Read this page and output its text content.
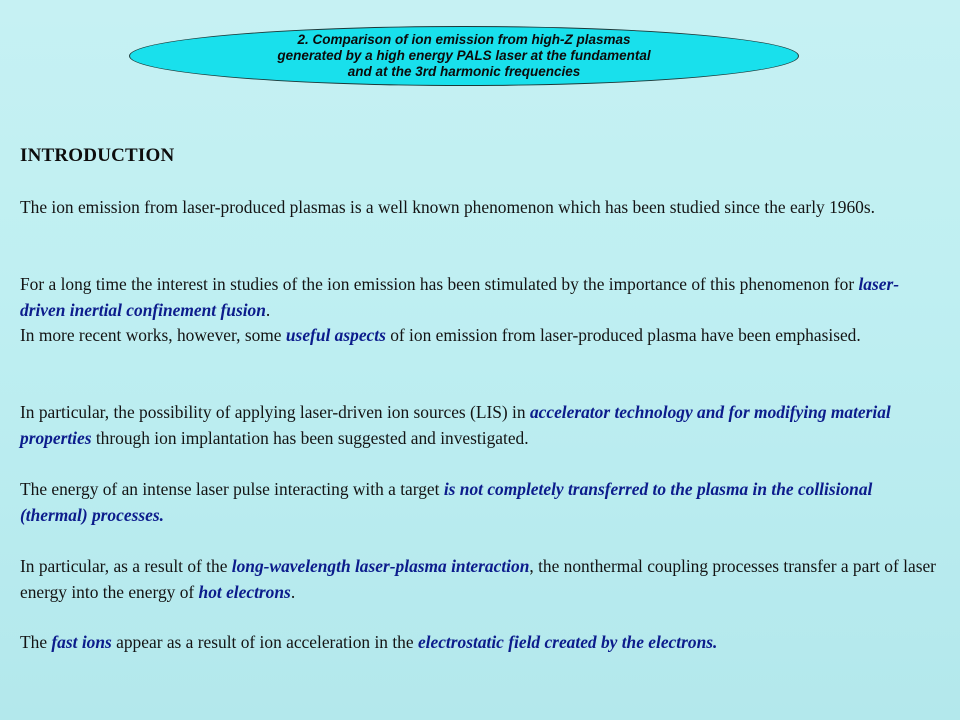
2. Comparison of ion emission from high-Z plasmas
generated by a high energy PALS laser at the fundamental
and at the 3rd harmonic frequencies
INTRODUCTION

The ion emission from laser-produced plasmas is a well known phenomenon which has been studied since the early 1960s.

For a long time the interest in studies of the ion emission has been stimulated by the importance of this phenomenon for laser-driven inertial confinement fusion.

In more recent works, however, some useful aspects of ion emission from laser-produced plasma have been emphasised.

In particular, the possibility of applying laser-driven ion sources (LIS) in accelerator technology and for modifying material properties through ion implantation has been suggested and investigated.

The energy of an intense laser pulse interacting with a target is not completely transferred to the plasma in the collisional (thermal) processes.

In particular, as a result of the long-wavelength laser-plasma interaction, the nonthermal coupling processes transfer a part of laser energy into the energy of hot electrons.

The fast ions appear as a result of ion acceleration in the electrostatic field created by the electrons.
